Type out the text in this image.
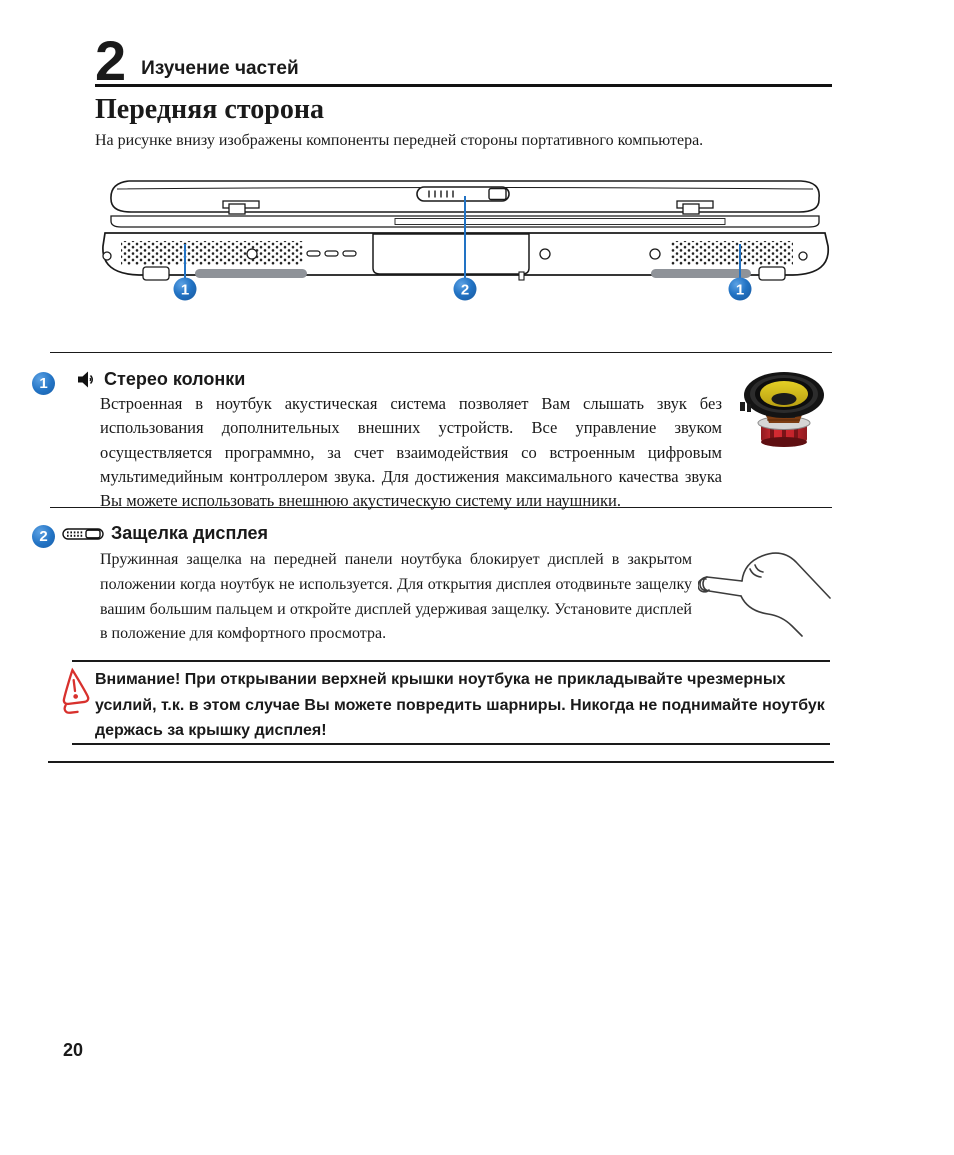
2 Изучение частей
Передняя сторона
На рисунке внизу изображены компоненты передней стороны портативного компьютера.
1	2	1
1	Стерео колонки
Встроенная в ноутбук акустическая система позволяет Вам слышать звук без использования дополнительных внешних устройств. Все управление звуком осуществляется программно, за счет взаимодействия со встроенным цифровым мультимедийным контроллером звука. Для достижения максимального качества звука Вы можете использовать внешнюю акустическую систему или наушники.
2	Защелка дисплея
Пружинная защелка на передней панели ноутбука блокирует дисплей в закрытом положении когда ноутбук не используется. Для открытия дисплея отодвиньте защелку вашим большим пальцем и откройте дисплей удерживая защелку. Установите дисплей в положение для комфортного просмотра.
Внимание! При открывании верхней крышки ноутбука не прикладывайте чрезмерных усилий, т.к. в этом случае Вы можете повредить шарниры. Никогда не поднимайте ноутбук держась за крышку дисплея!
20
